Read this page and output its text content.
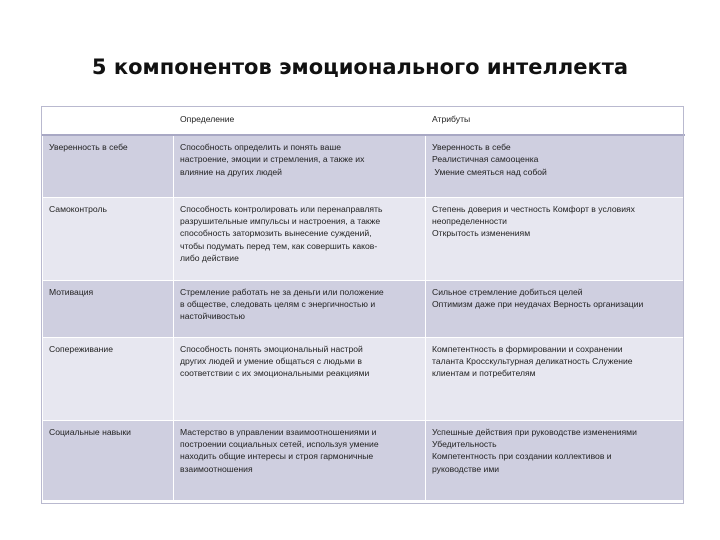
5 компонентов эмоционального интеллекта
	Определение	Атрибуты
Уверенность в себе	Способность определить и понять ваше
настроение, эмоции и стремления, а также их
влияние на других людей	Уверенность в себе
Реалистичная самооценка
Умение смеяться над собой

Самоконтроль	Способность контролировать или перенаправлять
разрушительные импульсы и настроения, а также
способность затормозить вынесение суждений,
чтобы подумать перед тем, как совершить каков-
либо действие	Степень доверия и честность Комфорт в условиях
неопределенности
Открытость изменениям

Мотивация	Стремление работать не за деньги или положение
в обществе, следовать целям с энергичностью и
настойчивостью	Сильное стремление добиться целей
Оптимизм даже при неудачах Верность организации

Сопереживание	Способность понять эмоциональный настрой
других людей и умение общаться с людьми в
соответствии с их эмоциональными реакциями	Компетентность в формировании и сохранении
таланта Кросскультурная деликатность Служение
клиентам и потребителям

Социальные навыки	Мастерство в управлении взаимоотношениями и
построении социальных сетей, используя умение
находить общие интересы и строя гармоничные
взаимоотношения	Успешные действия при руководстве изменениями
Убедительность
Компетентность при создании коллективов и
руководстве ими
